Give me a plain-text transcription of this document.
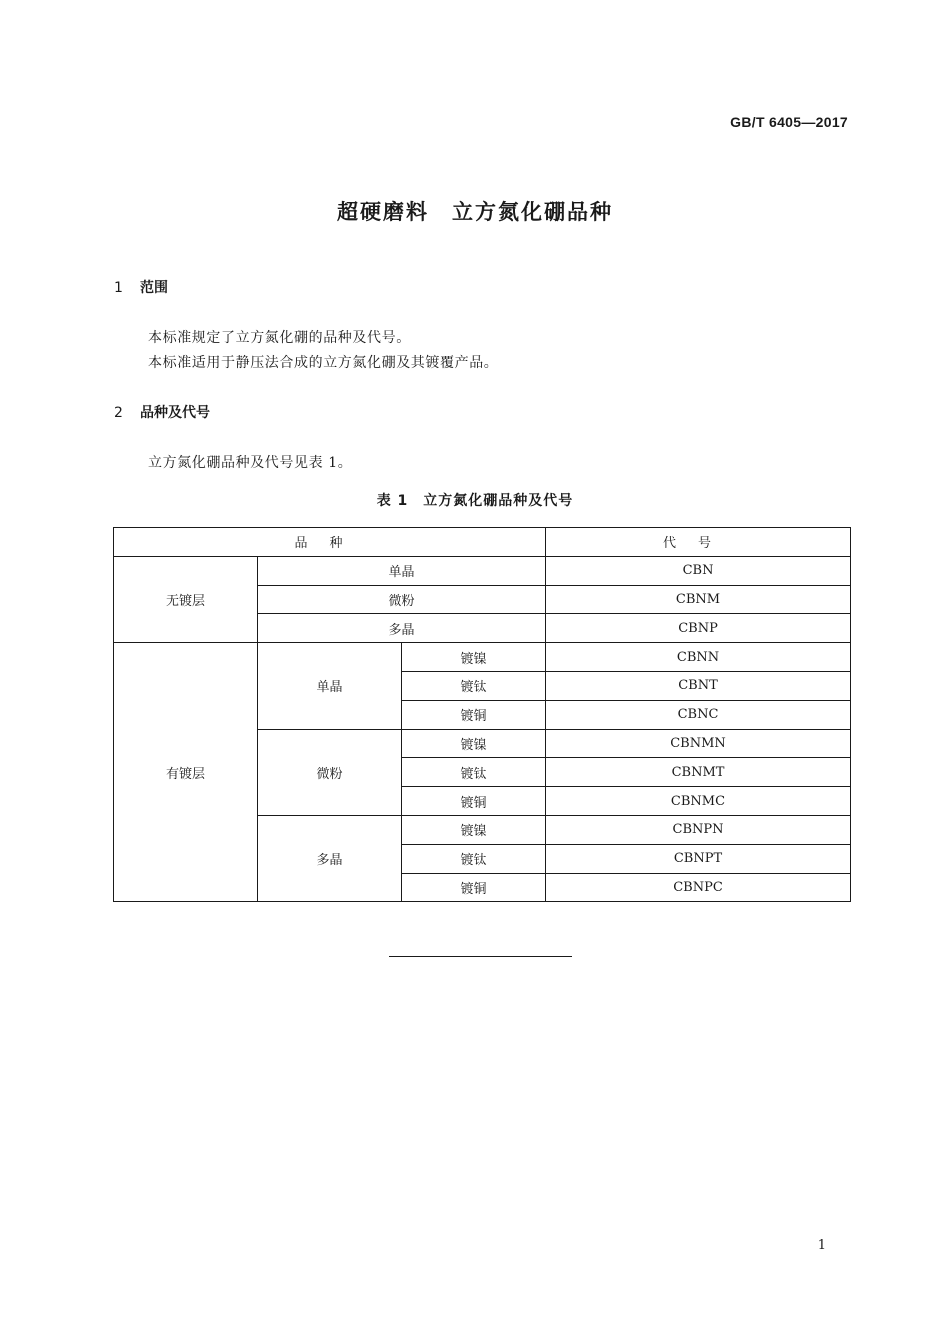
GB/T 6405—2017
超硬磨料　立方氮化硼品种
1 范围
本标准规定了立方氮化硼的品种及代号。
本标准适用于静压法合成的立方氮化硼及其镀覆产品。
2 品种及代号
立方氮化硼品种及代号见表 1。
表 1　立方氮化硼品种及代号
品种			代号
无镀层	单晶		CBN
	微粉		CBNM
	多晶		CBNP
有镀层	单晶	镀镍	CBNN
		镀钛	CBNT
		镀铜	CBNC
	微粉	镀镍	CBNMN
		镀钛	CBNMT
		镀铜	CBNMC
	多晶	镀镍	CBNPN
		镀钛	CBNPT
		镀铜	CBNPC
1
